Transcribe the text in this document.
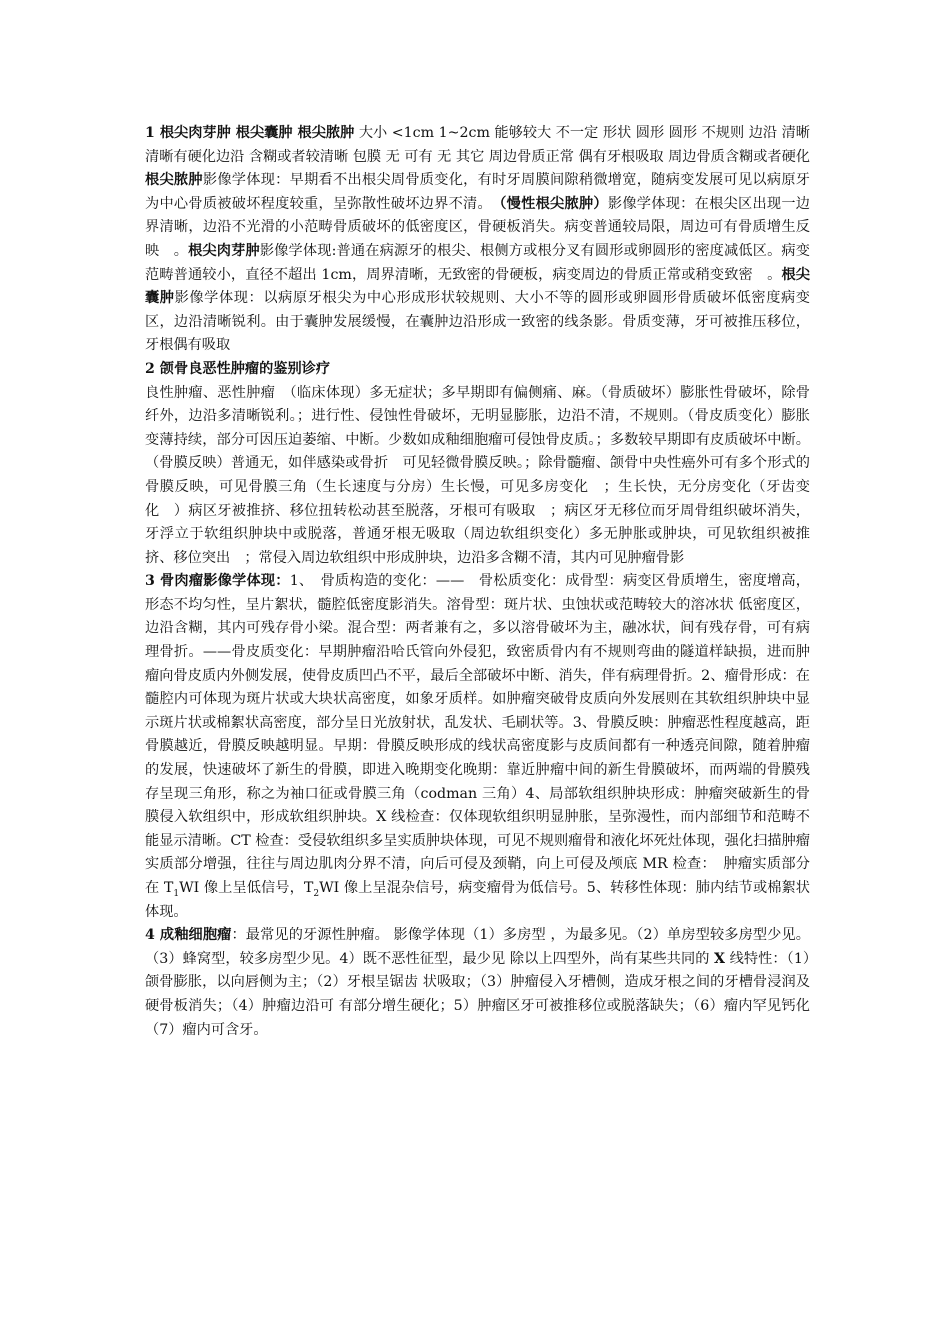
1 根尖肉芽肿 根尖囊肿 根尖脓肿 大小 <1cm 1~2cm 能够较大 不一定 形状 圆形 圆形 不规则 边沿 清晰 清晰有硬化边沿 含糊或者较清晰 包膜 无 可有 无 其它 周边骨质正常 偶有牙根吸取 周边骨质含糊或者硬化根尖脓肿影像学体现：早期看不出根尖周骨质变化，有时牙周膜间隙稍微增宽，随病变发展可见以病原牙为中心骨质被破坏程度较重，呈弥散性破坏边界不清。　（慢性根尖脓肿）影像学体现：在根尖区出现一边界清晰，边沿不光滑的小范畴骨质破坏的低密度区，骨硬板消失。病变普通较局限，周边可有骨质增生反映　。根尖肉芽肿影像学体现:普通在病源牙的根尖、根侧方或根分叉有圆形或卵圆形的密度减低区。病变范畴普通较小，直径不超出 1cm，周界清晰，无致密的骨硬板，病变周边的骨质正常或稍变致密　。根尖囊肿影像学体现：以病原牙根尖为中心形成形状较规则、大小不等的圆形或卵圆形骨质破坏低密度病变区，边沿清晰锐利。由于囊肿发展缓慢，在囊肿边沿形成一致密的线条影。骨质变薄，牙可被推压移位，牙根偶有吸取

2 颌骨良恶性肿瘤的鉴别诊疗

良性肿瘤、恶性肿瘤　（临床体现）多无症状；多早期即有偏侧痛、麻。（骨质破坏）膨胀性骨破坏，除骨纤外，边沿多清晰锐利。；进行性、侵蚀性骨破坏，无明显膨胀，边沿不清，不规则。（骨皮质变化）膨胀变薄持续，部分可因压迫萎缩、中断。少数如成釉细胞瘤可侵蚀骨皮质。；多数较早期即有皮质破坏中断。（骨膜反映）普通无，如伴感染或骨折　可见轻微骨膜反映。；除骨髓瘤、颌骨中央性癌外可有多个形式的骨膜反映，可见骨膜三角（生长速度与分房）生长慢，可见多房变化　；生长快，无分房变化（牙齿变化　）病区牙被推挤、移位扭转松动甚至脱落，牙根可有吸取　；病区牙无移位而牙周骨组织破坏消失，牙浮立于软组织肿块中或脱落，普通牙根无吸取（周边软组织变化）多无肿胀或肿块，可见软组织被推挤、移位突出　；常侵入周边软组织中形成肿块，边沿多含糊不清，其内可见肿瘤骨影

3 骨肉瘤影像学体现：1、　骨质构造的变化：——　骨松质变化：成骨型：病变区骨质增生，密度增高，形态不均匀性，呈片絮状，髓腔低密度影消失。溶骨型：斑片状、虫蚀状或范畴较大的溶冰状 低密度区，边沿含糊，其内可残存骨小梁。混合型：两者兼有之，多以溶骨破坏为主，融冰状，间有残存骨，可有病理骨折。——骨皮质变化：早期肿瘤沿哈氏管向外侵犯，致密质骨内有不规则弯曲的隧道样缺损，进而肿瘤向骨皮质内外侧发展，使骨皮质凹凸不平，最后全部破坏中断、消失，伴有病理骨折。2、瘤骨形成：在髓腔内可体现为斑片状或大块状高密度，如象牙质样。如肿瘤突破骨皮质向外发展则在其软组织肿块中显示斑片状或棉絮状高密度，部分呈日光放射状，乱发状、毛刷状等。3、骨膜反映：肿瘤恶性程度越高，距骨膜越近，骨膜反映越明显。早期：骨膜反映形成的线状高密度影与皮质间都有一种透亮间隙，随着肿瘤的发展，快速破坏了新生的骨膜，即进入晚期变化晚期：靠近肿瘤中间的新生骨膜破坏，而两端的骨膜残存呈现三角形，称之为袖口征或骨膜三角（codman 三角）4、局部软组织肿块形成：肿瘤突破新生的骨膜侵入软组织中，形成软组织肿块。X 线检查：仅体现软组织明显肿胀，呈弥漫性，而内部细节和范畴不能显示清晰。CT 检查：受侵软组织多呈实质肿块体现，可见不规则瘤骨和液化坏死灶体现，强化扫描肿瘤实质部分增强，往往与周边肌肉分界不清，向后可侵及颈鞘，向上可侵及颅底 MR 检查：　肿瘤实质部分在 $T_1WI$ 像上呈低信号，$T_2WI$ 像上呈混杂信号，病变瘤骨为低信号。5、转移性体现：肺内结节或棉絮状体现。

4 成釉细胞瘤：最常见的牙源性肿瘤。 影像学体现（1）多房型 ，为最多见。（2）单房型较多房型少见。（3）蜂窝型，较多房型少见。4）既不恶性征型，最少见 除以上四型外，尚有某些共同的 X 线特性：（1）颌骨膨胀，以向唇侧为主；（2）牙根呈锯齿 状吸取；（3）肿瘤侵入牙槽侧，造成牙根之间的牙槽骨浸润及硬骨板消失；（4）肿瘤边沿可 有部分增生硬化；5）肿瘤区牙可被推移位或脱落缺失；（6）瘤内罕见钙化（7）瘤内可含牙。
